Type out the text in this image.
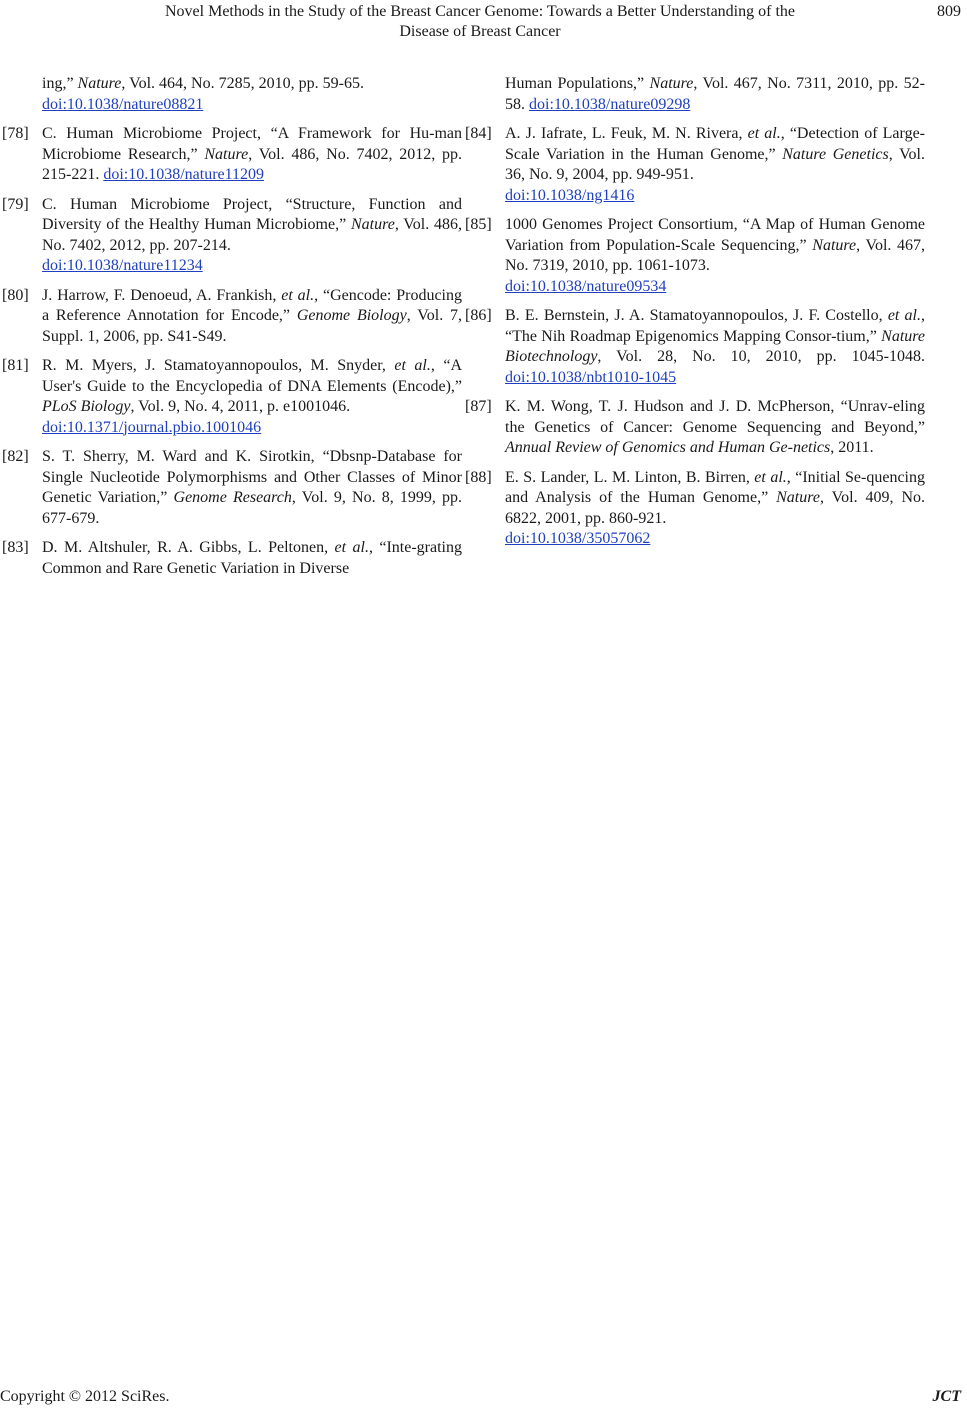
Novel Methods in the Study of the Breast Cancer Genome: Towards a Better Understanding of the
Disease of Breast Cancer
809
ing,” Nature, Vol. 464, No. 7285, 2010, pp. 59-65.
doi:10.1038/nature08821
[78] C. Human Microbiome Project, “A Framework for Hu-man Microbiome Research,” Nature, Vol. 486, No. 7402, 2012, pp. 215-221. doi:10.1038/nature11209
[79] C. Human Microbiome Project, “Structure, Function and Diversity of the Healthy Human Microbiome,” Nature, Vol. 486, No. 7402, 2012, pp. 207-214.
doi:10.1038/nature11234
[80] J. Harrow, F. Denoeud, A. Frankish, et al., “Gencode: Producing a Reference Annotation for Encode,” Genome Biology, Vol. 7, Suppl. 1, 2006, pp. S41-S49.
[81] R. M. Myers, J. Stamatoyannopoulos, M. Snyder, et al., “A User's Guide to the Encyclopedia of DNA Elements (Encode),” PLoS Biology, Vol. 9, No. 4, 2011, p. e1001046.
doi:10.1371/journal.pbio.1001046
[82] S. T. Sherry, M. Ward and K. Sirotkin, “Dbsnp-Database for Single Nucleotide Polymorphisms and Other Classes of Minor Genetic Variation,” Genome Research, Vol. 9, No. 8, 1999, pp. 677-679.
[83] D. M. Altshuler, R. A. Gibbs, L. Peltonen, et al., “Inte-grating Common and Rare Genetic Variation in Diverse
Human Populations,” Nature, Vol. 467, No. 7311, 2010, pp. 52-58. doi:10.1038/nature09298
[84] A. J. Iafrate, L. Feuk, M. N. Rivera, et al., “Detection of Large-Scale Variation in the Human Genome,” Nature Genetics, Vol. 36, No. 9, 2004, pp. 949-951.
doi:10.1038/ng1416
[85] 1000 Genomes Project Consortium, “A Map of Human Genome Variation from Population-Scale Sequencing,” Nature, Vol. 467, No. 7319, 2010, pp. 1061-1073.
doi:10.1038/nature09534
[86] B. E. Bernstein, J. A. Stamatoyannopoulos, J. F. Costello, et al., “The Nih Roadmap Epigenomics Mapping Consor-tium,” Nature Biotechnology, Vol. 28, No. 10, 2010, pp. 1045-1048. doi:10.1038/nbt1010-1045
[87] K. M. Wong, T. J. Hudson and J. D. McPherson, “Unrav-eling the Genetics of Cancer: Genome Sequencing and Beyond,” Annual Review of Genomics and Human Ge-netics, 2011.
[88] E. S. Lander, L. M. Linton, B. Birren, et al., “Initial Se-quencing and Analysis of the Human Genome,” Nature, Vol. 409, No. 6822, 2001, pp. 860-921.
doi:10.1038/35057062
Copyright © 2012 SciRes.	JCT
